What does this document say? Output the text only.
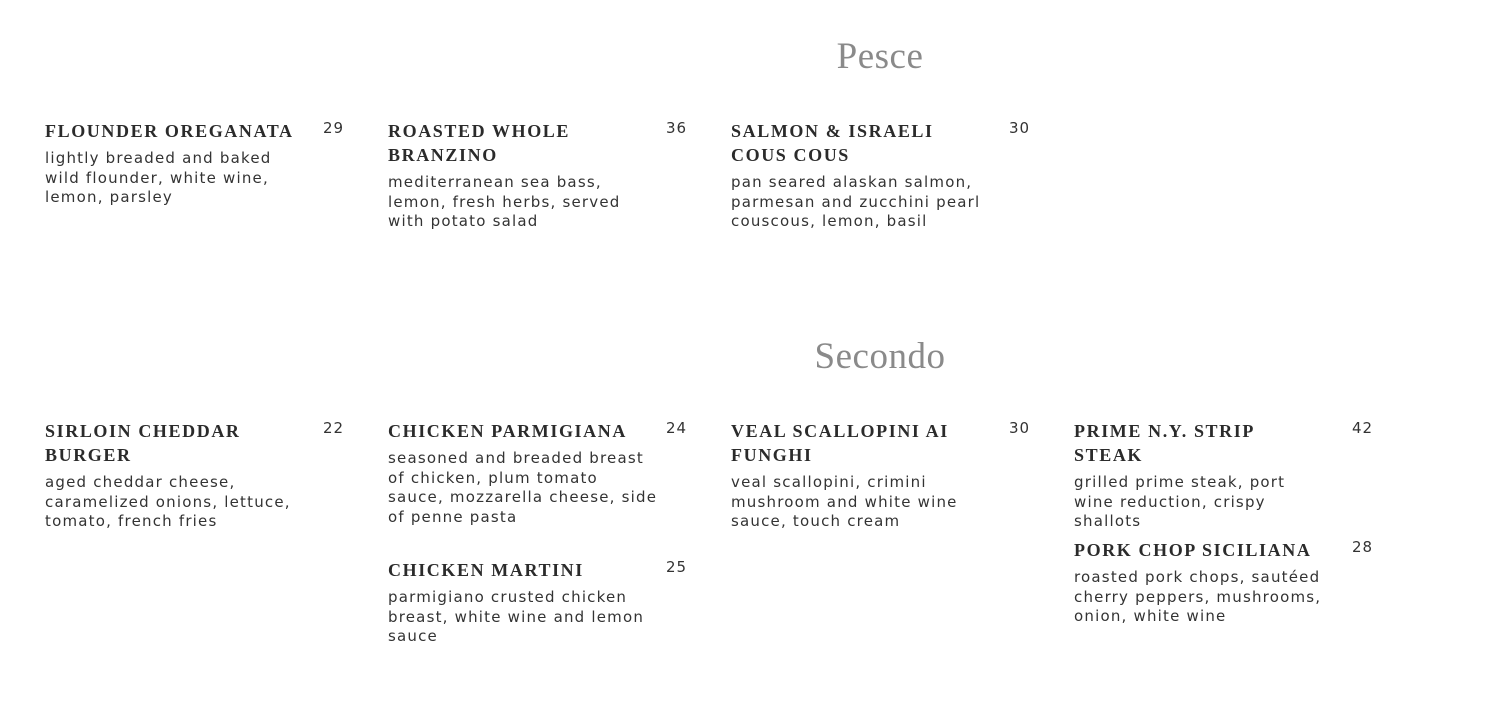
Pesce
FLOUNDER OREGANATA	29
lightly breaded and baked wild flounder, white wine, lemon, parsley
ROASTED WHOLE BRANZINO
36
mediterranean sea bass, lemon, fresh herbs, served with potato salad
SALMON & ISRAELI COUS COUS
30
pan seared alaskan salmon, parmesan and zucchini pearl couscous, lemon, basil
Secondo
SIRLOIN CHEDDAR BURGER
22
aged cheddar cheese, caramelized onions, lettuce, tomato, french fries
CHICKEN PARMIGIANA	24
seasoned and breaded breast of chicken, plum tomato sauce, mozzarella cheese, side of penne pasta
CHICKEN MARTINI	25
parmigiano crusted chicken breast, white wine and lemon sauce
VEAL SCALLOPINI AI FUNGHI
30
veal scallopini, crimini mushroom and white wine sauce, touch cream
PRIME N.Y. STRIP STEAK
42
grilled prime steak, port wine reduction, crispy shallots
PORK CHOP SICILIANA	28
roasted pork chops, sautéed cherry peppers, mushrooms, onion, white wine
